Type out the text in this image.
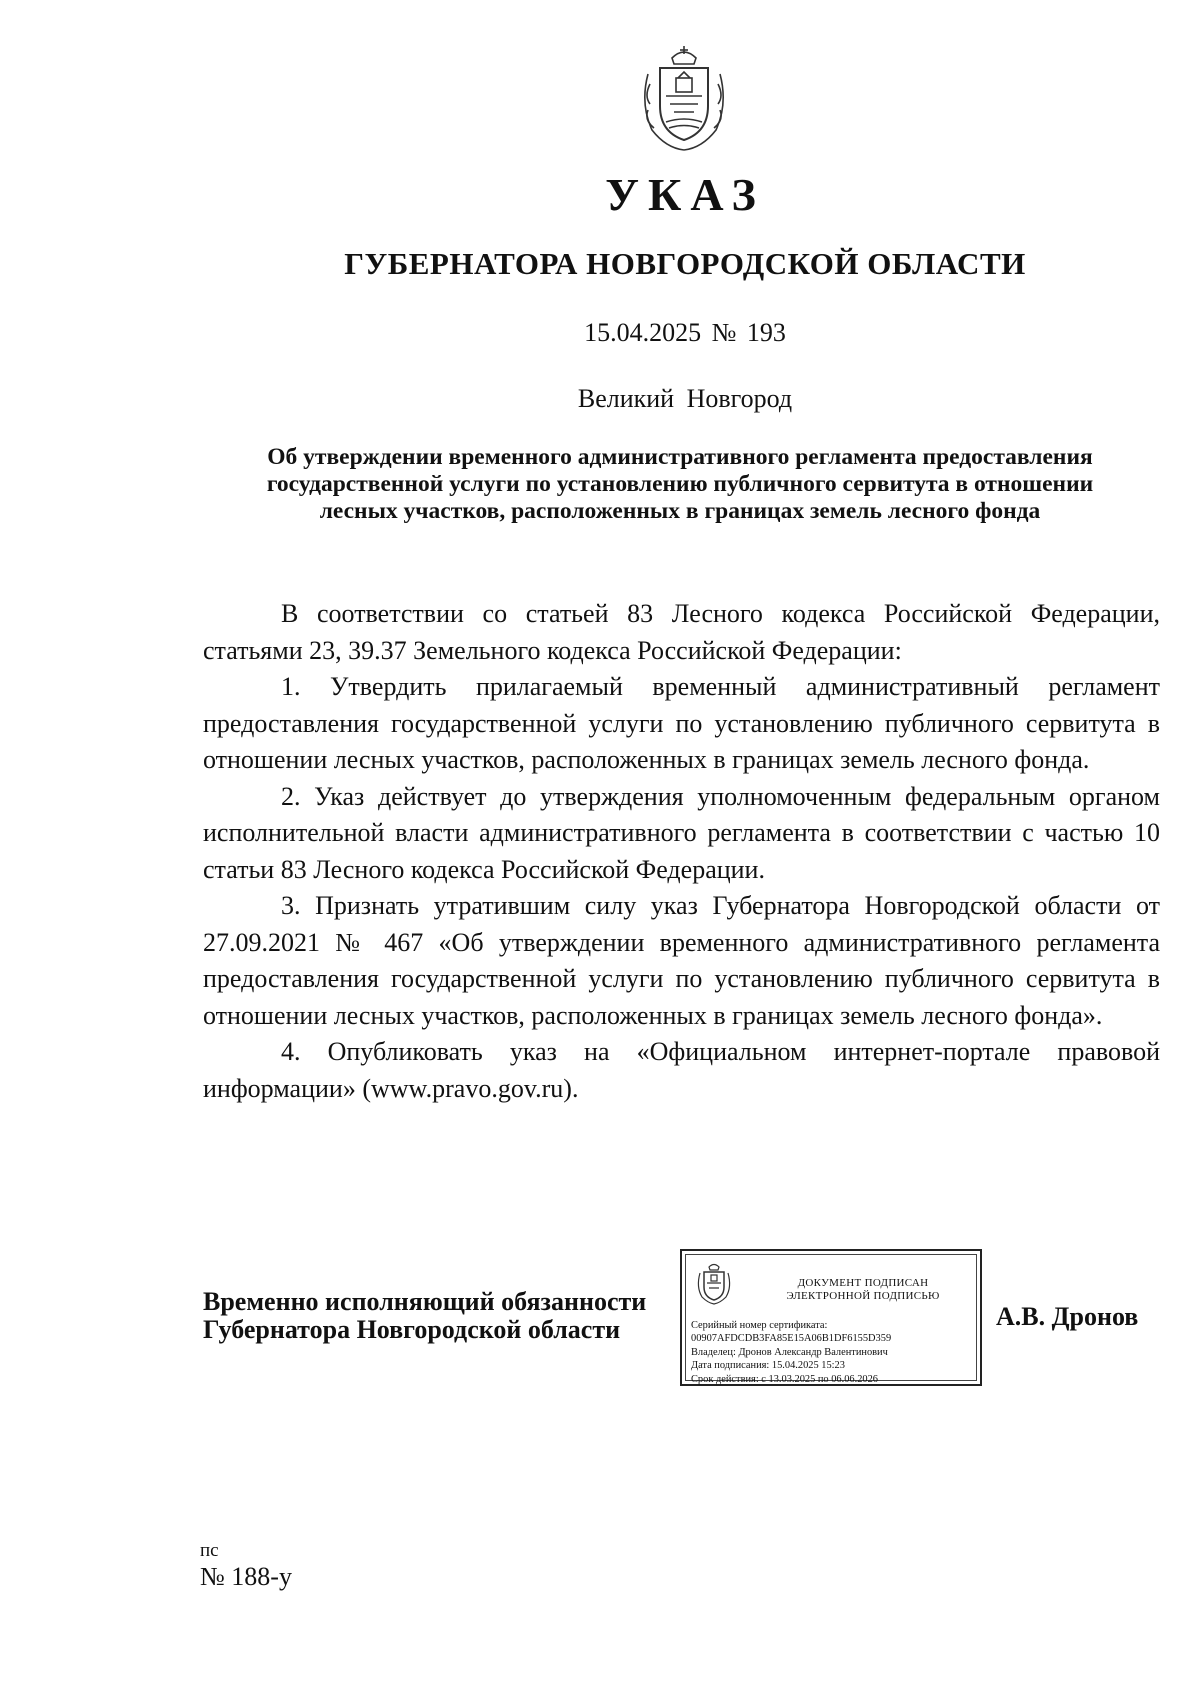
УКАЗ
ГУБЕРНАТОРА НОВГОРОДСКОЙ ОБЛАСТИ
15.04.2025 № 193
Великий Новгород
Об утверждении временного административного регламента предоставления
государственной услуги по установлению публичного сервитута в отношении
лесных участков, расположенных в границах земель лесного фонда

В соответствии со статьей 83 Лесного кодекса Российской Федерации, статьями 23, 39.37 Земельного кодекса Российской Федерации:

1. Утвердить прилагаемый временный административный регламент предоставления государственной услуги по установлению публичного сервитута в отношении лесных участков, расположенных в границах земель лесного фонда.

2. Указ действует до утверждения уполномоченным федеральным органом исполнительной власти административного регламента в соответствии с частью 10 статьи 83 Лесного кодекса Российской Федерации.

3. Признать утратившим силу указ Губернатора Новгородской области от 27.09.2021 № 467 «Об утверждении временного административного регламента предоставления государственной услуги по установлению публичного сервитута в отношении лесных участков, расположенных в границах земель лесного фонда».

4. Опубликовать указ на «Официальном интернет-портале правовой информации» (www.pravo.gov.ru).

Временно исполняющий обязанности
Губернатора Новгородской области
ДОКУМЕНТ ПОДПИСАН
ЭЛЕКТРОННОЙ ПОДПИСЬЮ
Серийный номер сертификата:
00907AFDCDB3FA85E15A06B1DF6155D359
Владелец: Дронов Александр Валентинович
Дата подписания: 15.04.2025 15:23
Срок действия: с 13.03.2025 по 06.06.2026
А.В. Дронов
пс
№ 188-у
